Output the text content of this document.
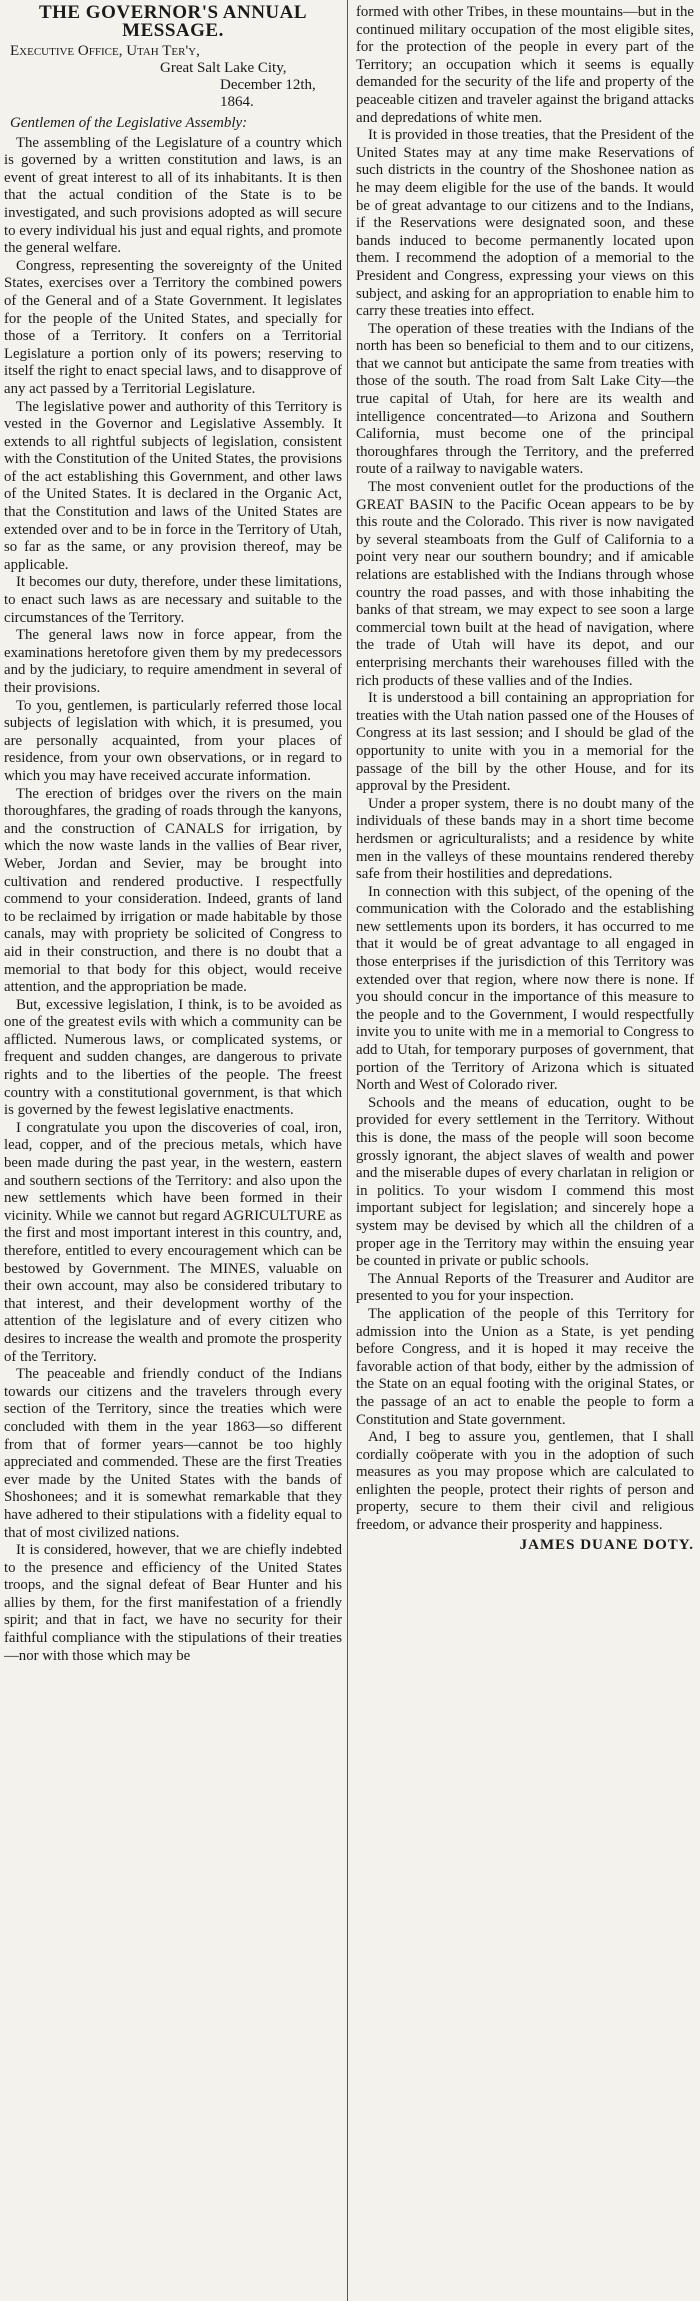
THE GOVERNOR'S ANNUAL
MESSAGE.
Executive Office, Utah Ter'y,
Great Salt Lake City,
December 12th, 1864.
Gentlemen of the Legislative Assembly:

The assembling of the Legislature of a country which is governed by a written constitution and laws, is an event of great interest to all of its inhabitants. It is then that the actual condition of the State is to be investigated, and such provisions adopted as will secure to every individual his just and equal rights, and promote the general welfare.

Congress, representing the sovereignty of the United States, exercises over a Territory the combined powers of the General and of a State Government. It legislates for the people of the United States, and specially for those of a Territory. It confers on a Territorial Legislature a portion only of its powers; reserving to itself the right to enact special laws, and to disapprove of any act passed by a Territorial Legislature.

The legislative power and authority of this Territory is vested in the Governor and Legislative Assembly. It extends to all rightful subjects of legislation, consistent with the Constitution of the United States, the provisions of the act establishing this Government, and other laws of the United States. It is declared in the Organic Act, that the Constitution and laws of the United States are extended over and to be in force in the Territory of Utah, so far as the same, or any provision thereof, may be applicable.

It becomes our duty, therefore, under these limitations, to enact such laws as are necessary and suitable to the circumstances of the Territory.

The general laws now in force appear, from the examinations heretofore given them by my predecessors and by the judiciary, to require amendment in several of their provisions.

To you, gentlemen, is particularly referred those local subjects of legislation with which, it is presumed, you are personally acquainted, from your places of residence, from your own observations, or in regard to which you may have received accurate information.

The erection of bridges over the rivers on the main thoroughfares, the grading of roads through the kanyons, and the construction of CANALS for irrigation, by which the now waste lands in the vallies of Bear river, Weber, Jordan and Sevier, may be brought into cultivation and rendered productive. I respectfully commend to your consideration. Indeed, grants of land to be reclaimed by irrigation or made habitable by those canals, may with propriety be solicited of Congress to aid in their construction, and there is no doubt that a memorial to that body for this object, would receive attention, and the appropriation be made.

But, excessive legislation, I think, is to be avoided as one of the greatest evils with which a community can be afflicted. Numerous laws, or complicated systems, or frequent and sudden changes, are dangerous to private rights and to the liberties of the people. The freest country with a constitutional government, is that which is governed by the fewest legislative enactments.

I congratulate you upon the discoveries of coal, iron, lead, copper, and of the precious metals, which have been made during the past year, in the western, eastern and southern sections of the Territory: and also upon the new settlements which have been formed in their vicinity. While we cannot but regard AGRICULTURE as the first and most important interest in this country, and, therefore, entitled to every encouragement which can be bestowed by Government. The MINES, valuable on their own account, may also be considered tributary to that interest, and their development worthy of the attention of the legislature and of every citizen who desires to increase the wealth and promote the prosperity of the Territory.

The peaceable and friendly conduct of the Indians towards our citizens and the travelers through every section of the Territory, since the treaties which were concluded with them in the year 1863—so different from that of former years—cannot be too highly appreciated and commended. These are the first Treaties ever made by the United States with the bands of Shoshonees; and it is somewhat remarkable that they have adhered to their stipulations with a fidelity equal to that of most civilized nations.

It is considered, however, that we are chiefly indebted to the presence and efficiency of the United States troops, and the signal defeat of Bear Hunter and his allies by them, for the first manifestation of a friendly spirit; and that in fact, we have no security for their faithful compliance with the stipulations of their treaties—nor with those which may be

formed with other Tribes, in these mountains—but in the continued military occupation of the most eligible sites, for the protection of the people in every part of the Territory; an occupation which it seems is equally demanded for the security of the life and property of the peaceable citizen and traveler against the brigand attacks and depredations of white men.

It is provided in those treaties, that the President of the United States may at any time make Reservations of such districts in the country of the Shoshonee nation as he may deem eligible for the use of the bands. It would be of great advantage to our citizens and to the Indians, if the Reservations were designated soon, and these bands induced to become permanently located upon them. I recommend the adoption of a memorial to the President and Congress, expressing your views on this subject, and asking for an appropriation to enable him to carry these treaties into effect.

The operation of these treaties with the Indians of the north has been so beneficial to them and to our citizens, that we cannot but anticipate the same from treaties with those of the south. The road from Salt Lake City—the true capital of Utah, for here are its wealth and intelligence concentrated—to Arizona and Southern California, must become one of the principal thoroughfares through the Territory, and the preferred route of a railway to navigable waters.

The most convenient outlet for the productions of the GREAT BASIN to the Pacific Ocean appears to be by this route and the Colorado. This river is now navigated by several steamboats from the Gulf of California to a point very near our southern boundry; and if amicable relations are established with the Indians through whose country the road passes, and with those inhabiting the banks of that stream, we may expect to see soon a large commercial town built at the head of navigation, where the trade of Utah will have its depot, and our enterprising merchants their warehouses filled with the rich products of these vallies and of the Indies.

It is understood a bill containing an appropriation for treaties with the Utah nation passed one of the Houses of Congress at its last session; and I should be glad of the opportunity to unite with you in a memorial for the passage of the bill by the other House, and for its approval by the President.

Under a proper system, there is no doubt many of the individuals of these bands may in a short time become herdsmen or agriculturalists; and a residence by white men in the valleys of these mountains rendered thereby safe from their hostilities and depredations.

In connection with this subject, of the opening of the communication with the Colorado and the establishing new settlements upon its borders, it has occurred to me that it would be of great advantage to all engaged in those enterprises if the jurisdiction of this Territory was extended over that region, where now there is none. If you should concur in the importance of this measure to the people and to the Government, I would respectfully invite you to unite with me in a memorial to Congress to add to Utah, for temporary purposes of government, that portion of the Territory of Arizona which is situated North and West of Colorado river.

Schools and the means of education, ought to be provided for every settlement in the Territory. Without this is done, the mass of the people will soon become grossly ignorant, the abject slaves of wealth and power and the miserable dupes of every charlatan in religion or in politics. To your wisdom I commend this most important subject for legislation; and sincerely hope a system may be devised by which all the children of a proper age in the Territory may within the ensuing year be counted in private or public schools.

The Annual Reports of the Treasurer and Auditor are presented to you for your inspection.

The application of the people of this Territory for admission into the Union as a State, is yet pending before Congress, and it is hoped it may receive the favorable action of that body, either by the admission of the State on an equal footing with the original States, or the passage of an act to enable the people to form a Constitution and State government.

And, I beg to assure you, gentlemen, that I shall cordially coöperate with you in the adoption of such measures as you may propose which are calculated to enlighten the people, protect their rights of person and property, secure to them their civil and religious freedom, or advance their prosperity and happiness.

JAMES DUANE DOTY.
